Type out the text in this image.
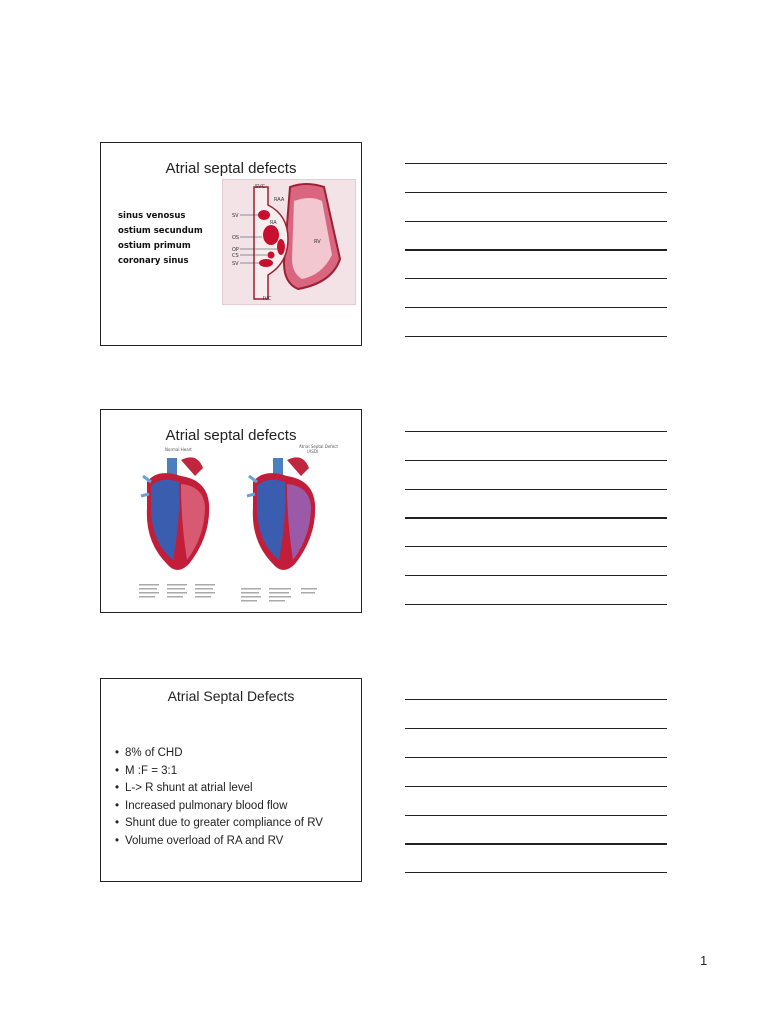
Atrial septal defects
sinus venosus
ostium secundum
ostium primum
coronary sinus
SVC
RAA
SV
RA
OS
RV
OP
CS
SV
IVC
Atrial septal defects
Normal Heart
Atrial Septal Defect
(ASD)
Atrial Septal Defects
• 8% of CHD
• M :F = 3:1
• L-> R shunt at atrial level
• Increased pulmonary blood flow
• Shunt due to greater compliance of RV
• Volume overload of RA and RV
1
